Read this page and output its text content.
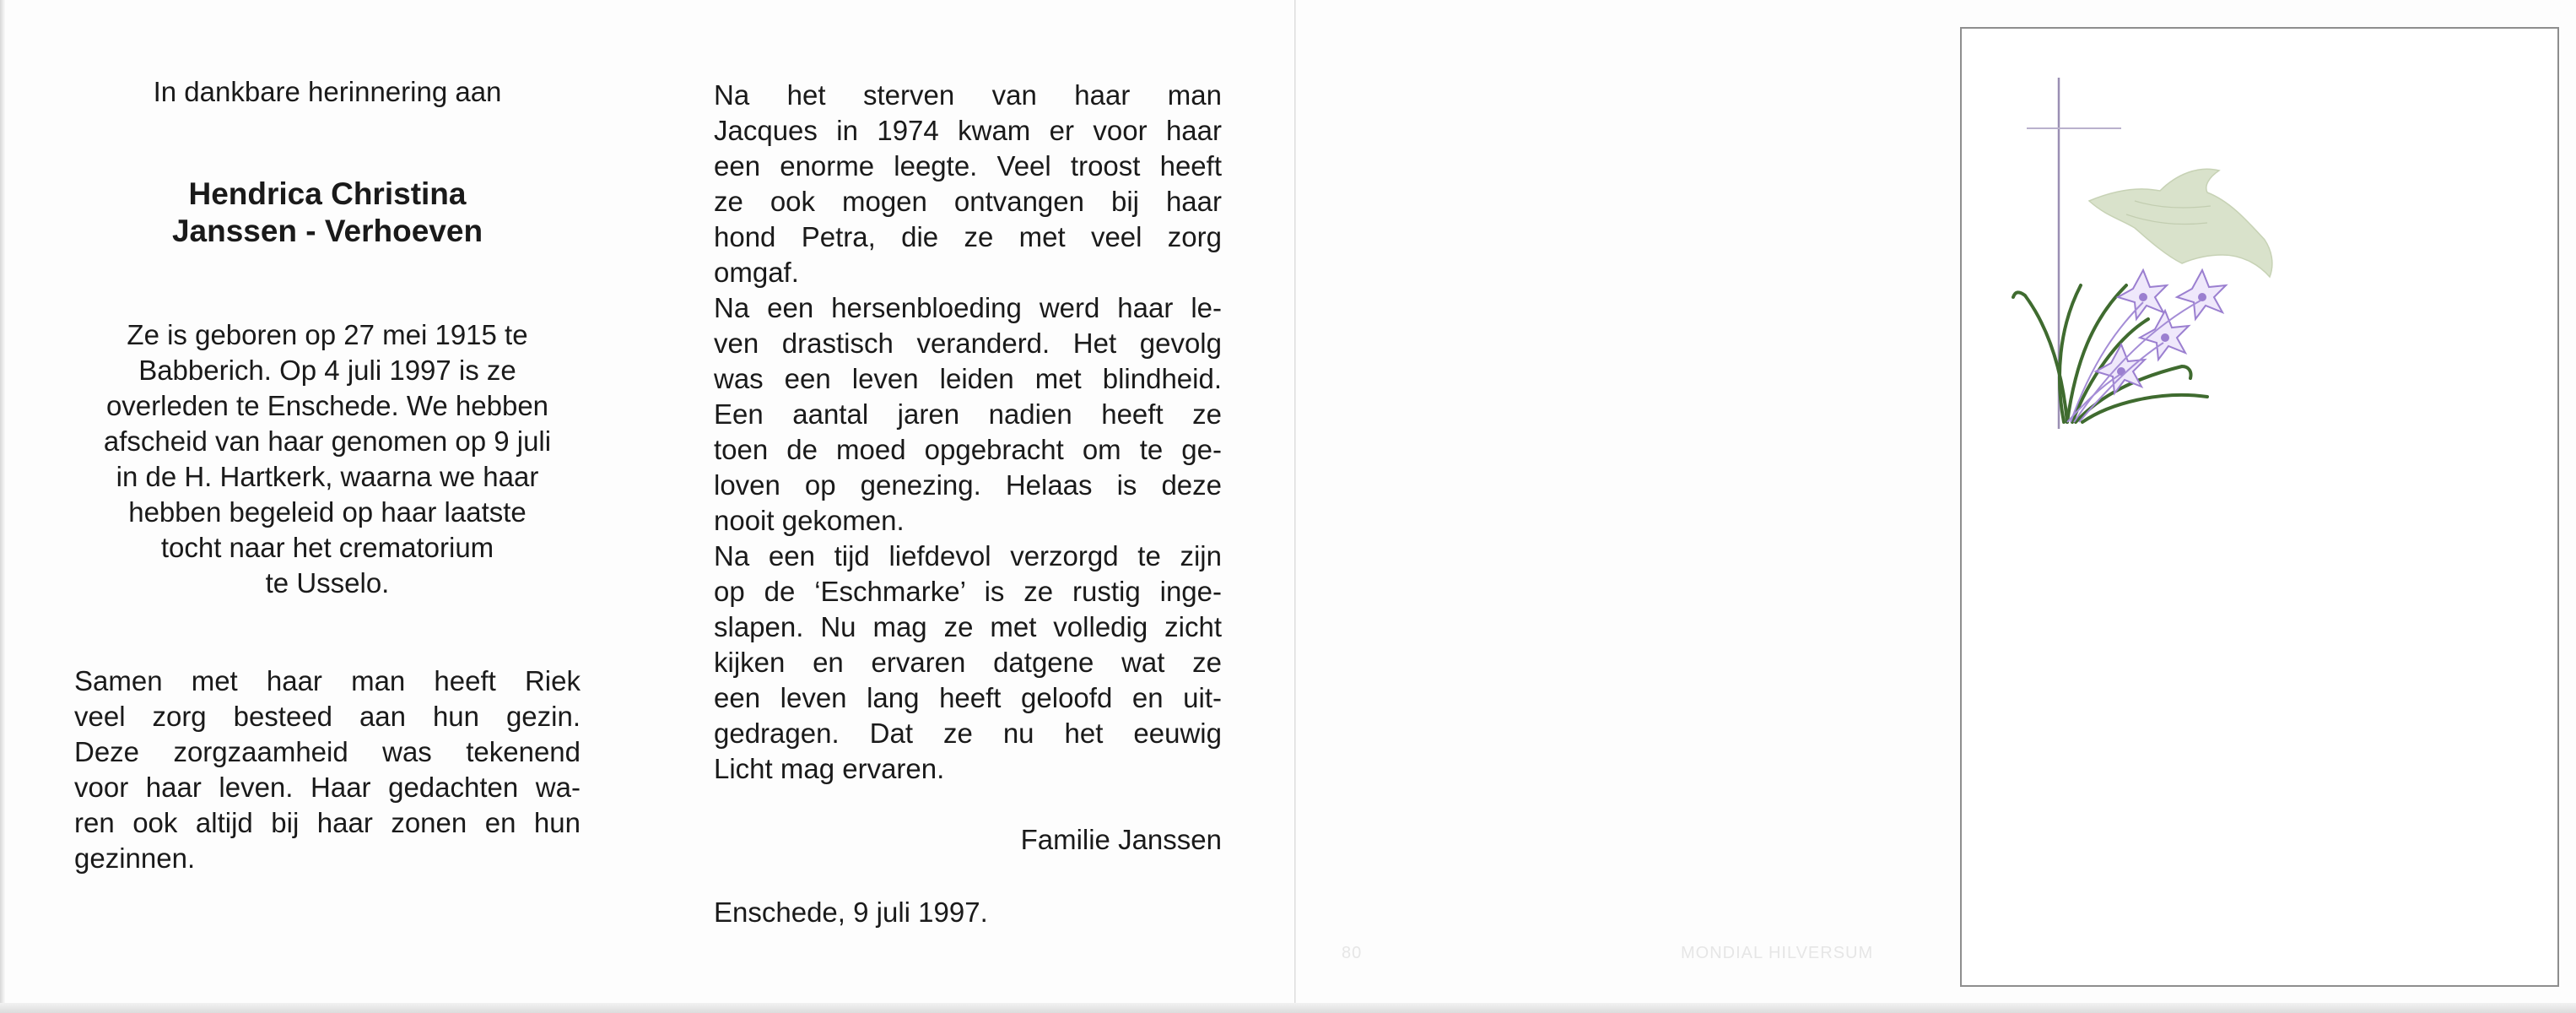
In dankbare herinnering aan

Hendrica Christina
Janssen - Verhoeven

Ze is geboren op 27 mei 1915 te
Babberich. Op 4 juli 1997 is ze
overleden te Enschede. We hebben
afscheid van haar genomen op 9 juli
in de H. Hartkerk, waarna we haar
hebben begeleid op haar laatste
tocht naar het crematorium
te Usselo.

Samen met haar man heeft Riek
veel zorg besteed aan hun gezin.
Deze zorgzaamheid was tekenend
voor haar leven. Haar gedachten wa-
ren ook altijd bij haar zonen en hun
gezinnen.
Na het sterven van haar man
Jacques in 1974 kwam er voor haar
een enorme leegte. Veel troost heeft
ze ook mogen ontvangen bij haar
hond Petra, die ze met veel zorg
omgaf.
Na een hersenbloeding werd haar le-
ven drastisch veranderd. Het gevolg
was een leven leiden met blindheid.
Een aantal jaren nadien heeft ze
toen de moed opgebracht om te ge-
loven op genezing. Helaas is deze
nooit gekomen.
Na een tijd liefdevol verzorgd te zijn
op de ‘Eschmarke’ is ze rustig inge-
slapen. Nu mag ze met volledig zicht
kijken en ervaren datgene wat ze
een leven lang heeft geloofd en uit-
gedragen. Dat ze nu het eeuwig
Licht mag ervaren.

Familie Janssen

Enschede, 9 juli 1997.

80	MONDIAL HILVERSUM
